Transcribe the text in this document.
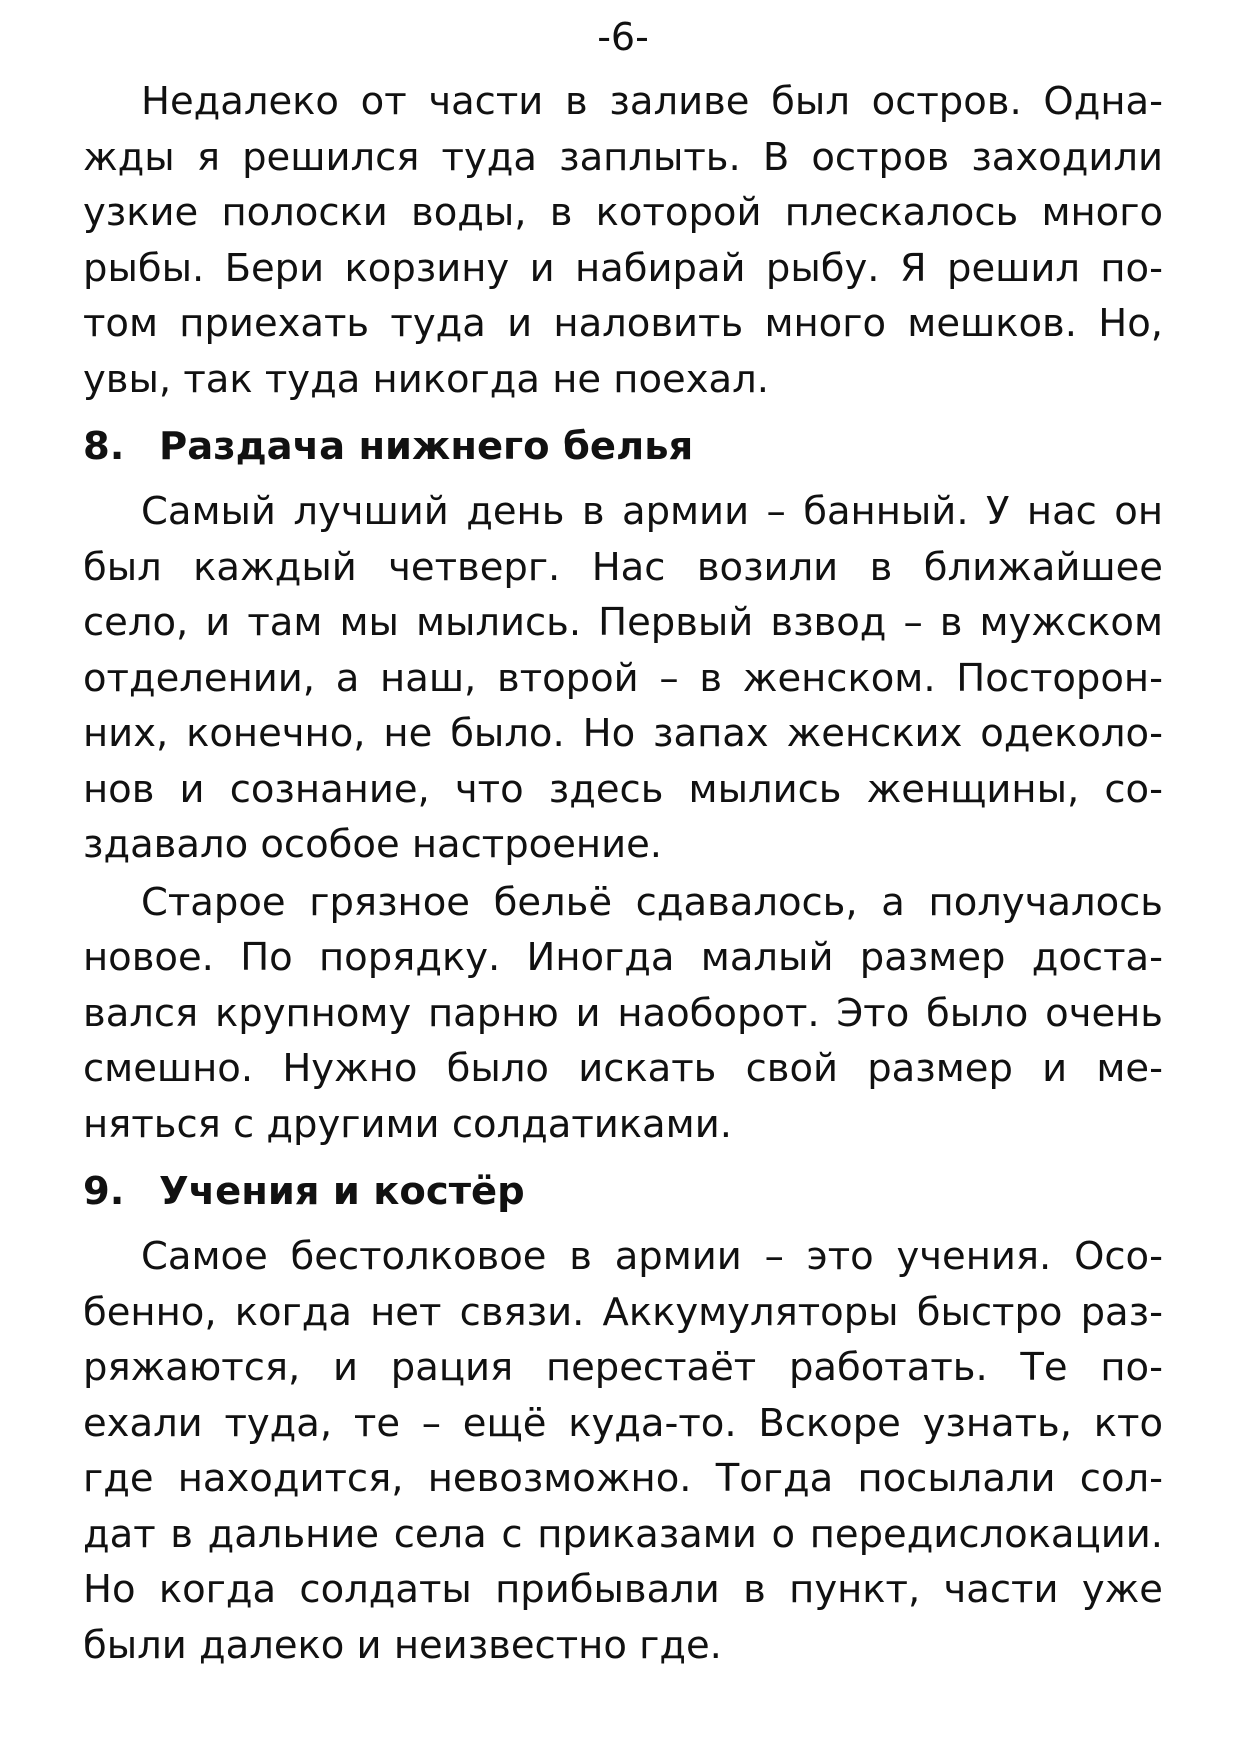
-6-
Недалеко от части в заливе был остров. Одна-
жды я решился туда заплыть. В остров заходили
узкие полоски воды, в которой плескалось много
рыбы. Бери корзину и набирай рыбу. Я решил по-
том приехать туда и наловить много мешков. Но,
увы, так туда никогда не поехал.
8. Раздача нижнего белья
Самый лучший день в армии – банный. У нас он
был каждый четверг. Нас возили в ближайшее
село, и там мы мылись. Первый взвод – в мужском
отделении, а наш, второй – в женском. Посторон-
них, конечно, не было. Но запах женских одеколо-
нов и сознание, что здесь мылись женщины, со-
здавало особое настроение.
Старое грязное бельё сдавалось, а получалось
новое. По порядку. Иногда малый размер доста-
вался крупному парню и наоборот. Это было очень
смешно. Нужно было искать свой размер и ме-
няться с другими солдатиками.
9. Учения и костёр
Самое бестолковое в армии – это учения. Осо-
бенно, когда нет связи. Аккумуляторы быстро раз-
ряжаются, и рация перестаёт работать. Те по-
ехали туда, те – ещё куда-то. Вскоре узнать, кто
где находится, невозможно. Тогда посылали сол-
дат в дальние села с приказами о передислокации.
Но когда солдаты прибывали в пункт, части уже
были далеко и неизвестно где.
